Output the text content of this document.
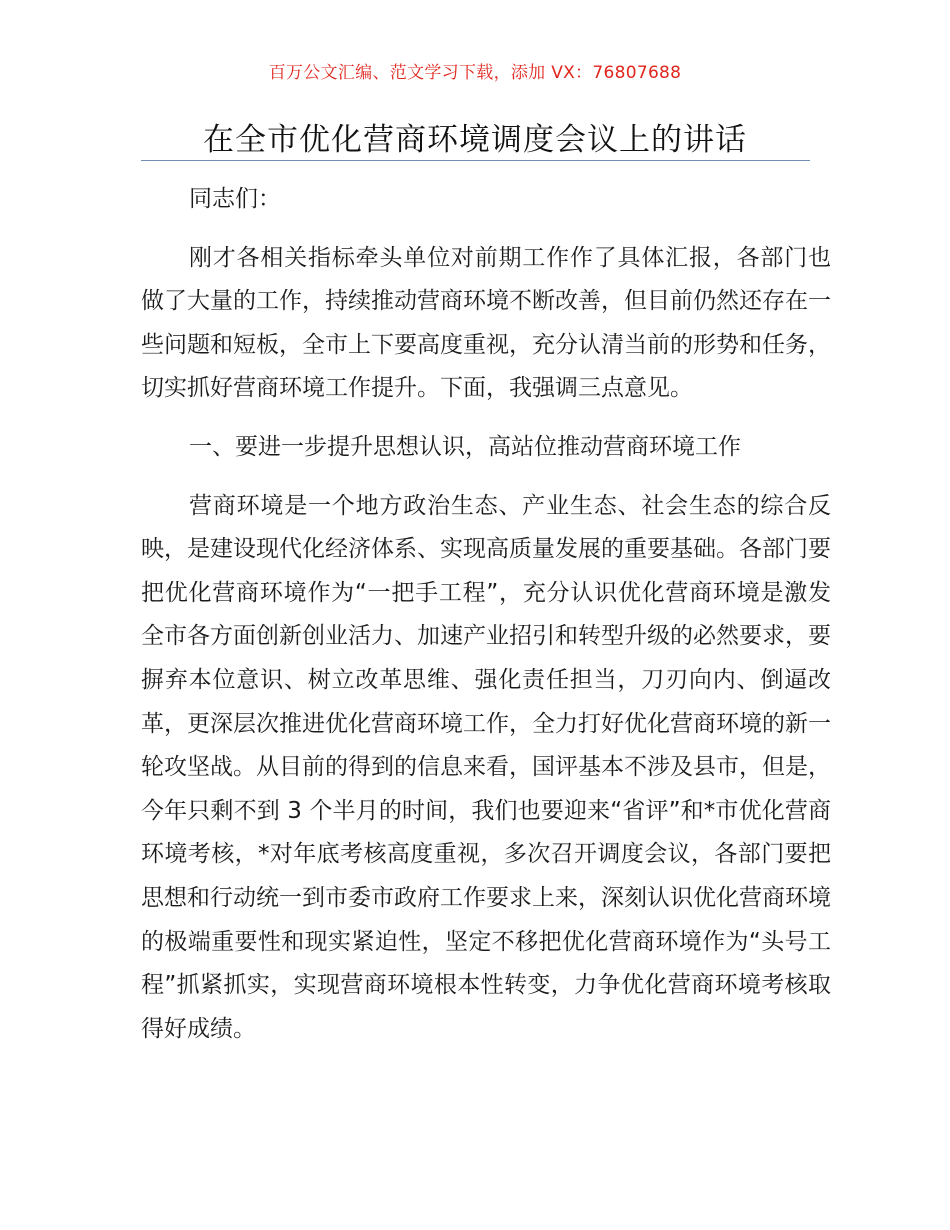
百万公文汇编、范文学习下载，添加 VX：76807688
在全市优化营商环境调度会议上的讲话

同志们：

刚才各相关指标牵头单位对前期工作作了具体汇报，各部门也做了大量的工作，持续推动营商环境不断改善，但目前仍然还存在一些问题和短板，全市上下要高度重视，充分认清当前的形势和任务，切实抓好营商环境工作提升。下面，我强调三点意见。

一、要进一步提升思想认识，高站位推动营商环境工作

营商环境是一个地方政治生态、产业生态、社会生态的综合反映，是建设现代化经济体系、实现高质量发展的重要基础。各部门要把优化营商环境作为“一把手工程”，充分认识优化营商环境是激发全市各方面创新创业活力、加速产业招引和转型升级的必然要求，要摒弃本位意识、树立改革思维、强化责任担当，刀刃向内、倒逼改革，更深层次推进优化营商环境工作，全力打好优化营商环境的新一轮攻坚战。从目前的得到的信息来看，国评基本不涉及县市，但是，今年只剩不到 3 个半月的时间，我们也要迎来“省评”和*市优化营商环境考核，*对年底考核高度重视，多次召开调度会议，各部门要把思想和行动统一到市委市政府工作要求上来，深刻认识优化营商环境的极端重要性和现实紧迫性，坚定不移把优化营商环境作为“头号工程”抓紧抓实，实现营商环境根本性转变，力争优化营商环境考核取得好成绩。
